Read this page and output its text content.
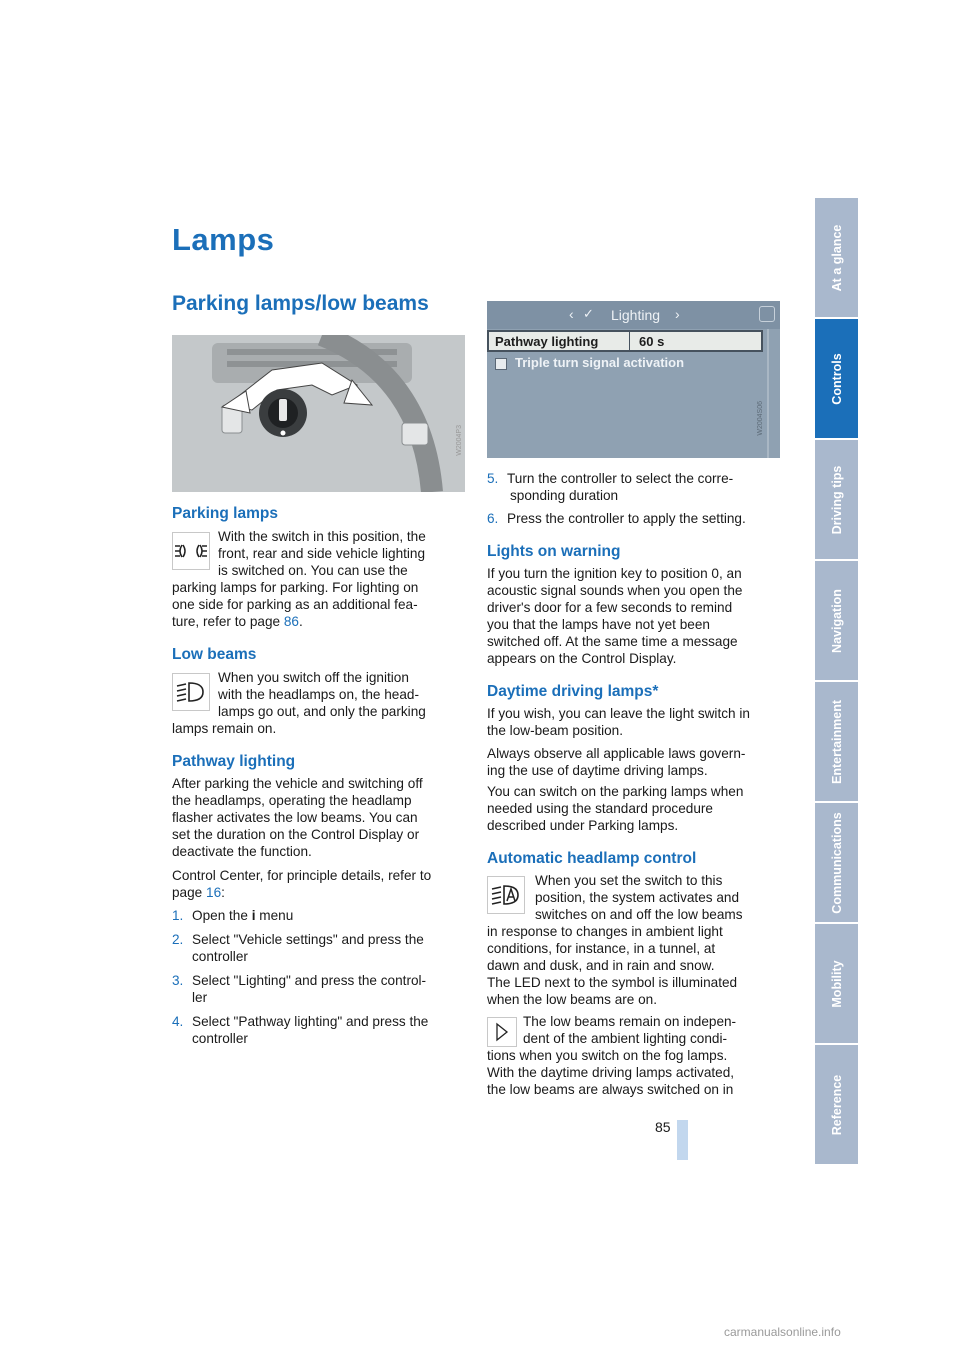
Lamps
Parking lamps/low beams
W2004P3
‹ ✓ Lighting ›
Pathway lighting	60 s
Triple turn signal activation
W2004S06
Parking lamps

With the switch in this position, the

front, rear and side vehicle lighting

is switched on. You can use the

parking lamps for parking. For lighting on

one side for parking as an additional fea-

ture, refer to page 86.

Low beams

When you switch off the ignition

with the headlamps on, the head-

lamps go out, and only the parking

lamps remain on.

Pathway lighting

After parking the vehicle and switching off

the headlamps, operating the headlamp

flasher activates the low beams. You can

set the duration on the Control Display or

deactivate the function.

Control Center, for principle details, refer to

page 16:

1. Open the i menu

2. Select "Vehicle settings" and press the

controller

3. Select "Lighting" and press the control-

ler

4. Select "Pathway lighting" and press the

controller

5. Turn the controller to select the corre-

sponding duration

6. Press the controller to apply the setting.

Lights on warning

If you turn the ignition key to position 0, an

acoustic signal sounds when you open the

driver's door for a few seconds to remind

you that the lamps have not yet been

switched off. At the same time a message

appears on the Control Display.

Daytime driving lamps*

If you wish, you can leave the light switch in

the low-beam position.

Always observe all applicable laws govern-

ing the use of daytime driving lamps.

You can switch on the parking lamps when

needed using the standard procedure

described under Parking lamps.

Automatic headlamp control

When you set the switch to this

position, the system activates and

switches on and off the low beams

in response to changes in ambient light

conditions, for instance, in a tunnel, at

dawn and dusk, and in rain and snow.

The LED next to the symbol is illuminated

when the low beams are on.

The low beams remain on indepen-

dent of the ambient lighting condi-

tions when you switch on the fog lamps.

With the daytime driving lamps activated,

the low beams are always switched on in

At a glance
Controls
Driving tips
Navigation
Entertainment
Communications
Mobility
Reference
85
carmanualsonline.info
